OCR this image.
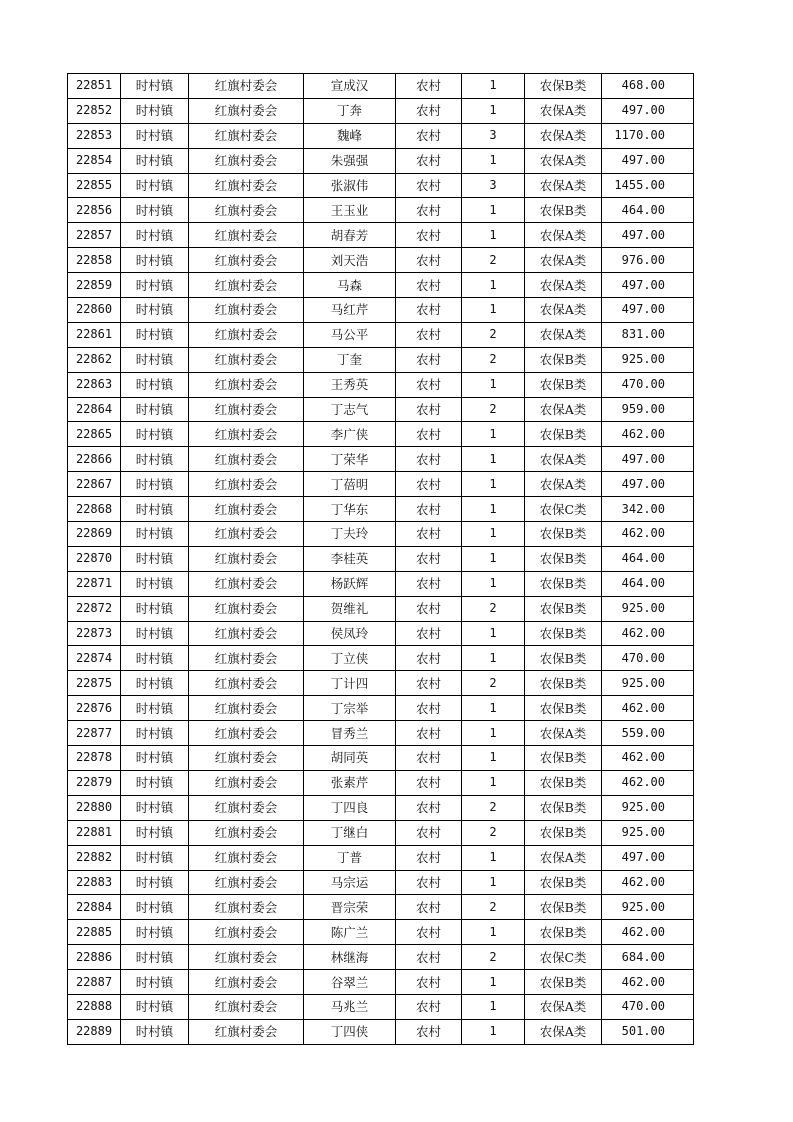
22851	时村镇	红旗村委会	宣成汉	农村	1	农保B类	468.00
22852	时村镇	红旗村委会	丁奔	农村	1	农保A类	497.00
22853	时村镇	红旗村委会	魏峰	农村	3	农保A类	1170.00
22854	时村镇	红旗村委会	朱强强	农村	1	农保A类	497.00
22855	时村镇	红旗村委会	张淑伟	农村	3	农保A类	1455.00
22856	时村镇	红旗村委会	王玉业	农村	1	农保B类	464.00
22857	时村镇	红旗村委会	胡春芳	农村	1	农保A类	497.00
22858	时村镇	红旗村委会	刘天浩	农村	2	农保A类	976.00
22859	时村镇	红旗村委会	马森	农村	1	农保A类	497.00
22860	时村镇	红旗村委会	马红芹	农村	1	农保A类	497.00
22861	时村镇	红旗村委会	马公平	农村	2	农保A类	831.00
22862	时村镇	红旗村委会	丁奎	农村	2	农保B类	925.00
22863	时村镇	红旗村委会	王秀英	农村	1	农保B类	470.00
22864	时村镇	红旗村委会	丁志气	农村	2	农保A类	959.00
22865	时村镇	红旗村委会	李广侠	农村	1	农保B类	462.00
22866	时村镇	红旗村委会	丁荣华	农村	1	农保A类	497.00
22867	时村镇	红旗村委会	丁蓓明	农村	1	农保A类	497.00
22868	时村镇	红旗村委会	丁华东	农村	1	农保C类	342.00
22869	时村镇	红旗村委会	丁夫玲	农村	1	农保B类	462.00
22870	时村镇	红旗村委会	李桂英	农村	1	农保B类	464.00
22871	时村镇	红旗村委会	杨跃辉	农村	1	农保B类	464.00
22872	时村镇	红旗村委会	贺维礼	农村	2	农保B类	925.00
22873	时村镇	红旗村委会	侯凤玲	农村	1	农保B类	462.00
22874	时村镇	红旗村委会	丁立侠	农村	1	农保B类	470.00
22875	时村镇	红旗村委会	丁计四	农村	2	农保B类	925.00
22876	时村镇	红旗村委会	丁宗举	农村	1	农保B类	462.00
22877	时村镇	红旗村委会	冒秀兰	农村	1	农保A类	559.00
22878	时村镇	红旗村委会	胡同英	农村	1	农保B类	462.00
22879	时村镇	红旗村委会	张素芹	农村	1	农保B类	462.00
22880	时村镇	红旗村委会	丁四良	农村	2	农保B类	925.00
22881	时村镇	红旗村委会	丁继白	农村	2	农保B类	925.00
22882	时村镇	红旗村委会	丁普	农村	1	农保A类	497.00
22883	时村镇	红旗村委会	马宗运	农村	1	农保B类	462.00
22884	时村镇	红旗村委会	晋宗荣	农村	2	农保B类	925.00
22885	时村镇	红旗村委会	陈广兰	农村	1	农保B类	462.00
22886	时村镇	红旗村委会	林继海	农村	2	农保C类	684.00
22887	时村镇	红旗村委会	谷翠兰	农村	1	农保B类	462.00
22888	时村镇	红旗村委会	马兆兰	农村	1	农保A类	470.00
22889	时村镇	红旗村委会	丁四侠	农村	1	农保A类	501.00
